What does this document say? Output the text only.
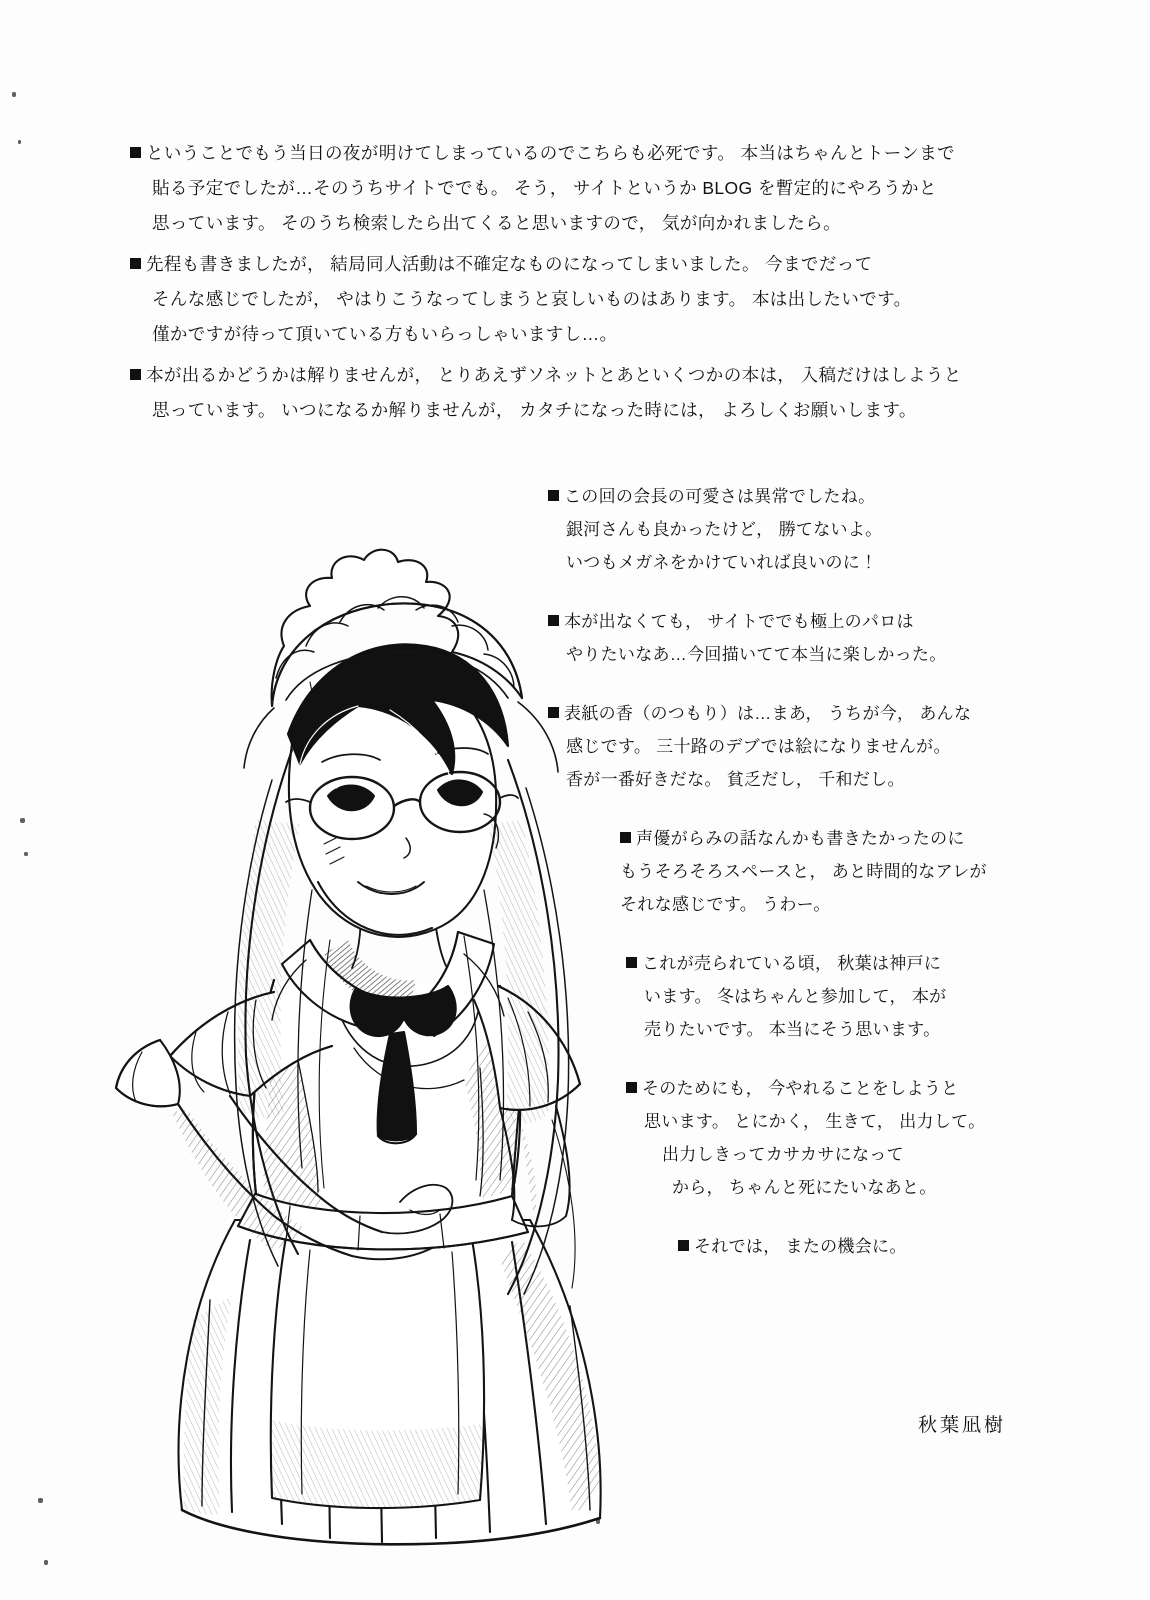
ということでもう当日の夜が明けてしまっているのでこちらも必死です。 本当はちゃんとトーンまで
貼る予定でしたが…そのうちサイトででも。 そう， サイトというか BLOG を暫定的にやろうかと
思っています。 そのうち検索したら出てくると思いますので， 気が向かれましたら。
先程も書きましたが， 結局同人活動は不確定なものになってしまいました。 今までだって
そんな感じでしたが， やはりこうなってしまうと哀しいものはあります。 本は出したいです。
僅かですが待って頂いている方もいらっしゃいますし…。
本が出るかどうかは解りませんが， とりあえずソネットとあといくつかの本は， 入稿だけはしようと
思っています。 いつになるか解りませんが， カタチになった時には， よろしくお願いします。
この回の会長の可愛さは異常でしたね。
銀河さんも良かったけど， 勝てないよ。
いつもメガネをかけていれば良いのに！
本が出なくても， サイトででも極上のパロは
やりたいなあ…今回描いてて本当に楽しかった。
表紙の香（のつもり）は…まあ， うちが今， あんな
感じです。 三十路のデブでは絵になりませんが。
香が一番好きだな。 貧乏だし， 千和だし。
声優がらみの話なんかも書きたかったのに
もうそろそろスペースと， あと時間的なアレが
それな感じです。 うわー。
これが売られている頃， 秋葉は神戸に
います。 冬はちゃんと参加して， 本が
売りたいです。 本当にそう思います。
そのためにも， 今やれることをしようと
思います。 とにかく， 生きて， 出力して。
出力しきってカサカサになって
から， ちゃんと死にたいなあと。
それでは， またの機会に。
秋葉凪樹
